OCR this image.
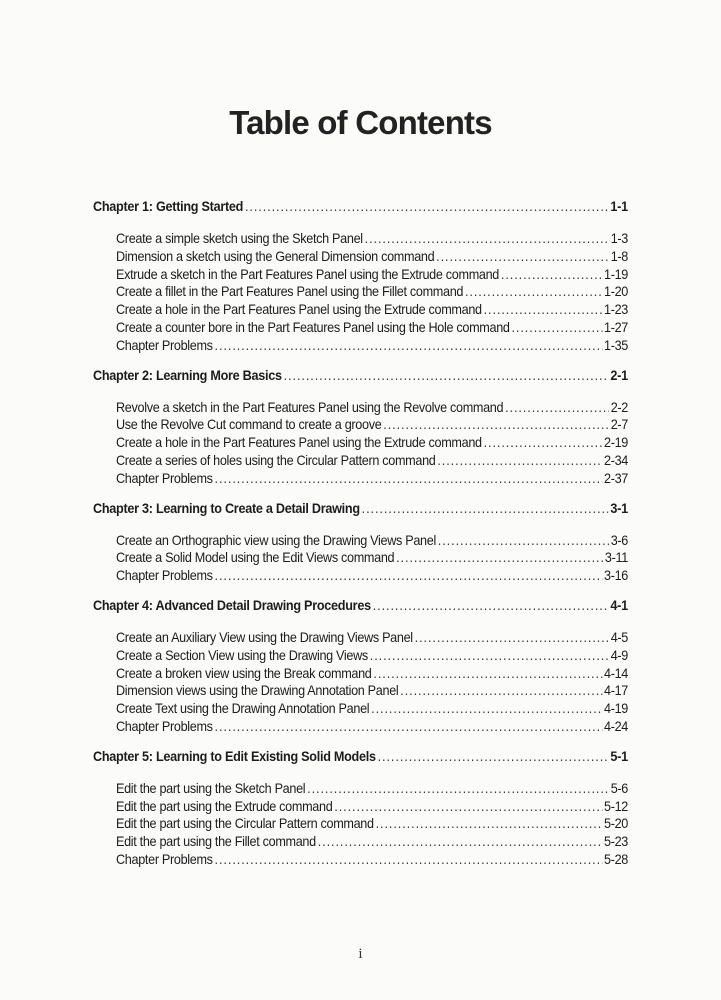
Table of Contents
Chapter 1: Getting Started .....	1-1
Create a simple sketch using the Sketch Panel .....	1-3
Dimension a sketch using the General Dimension command .....	1-8
Extrude a sketch in the Part Features Panel using the Extrude command .....	1-19
Create a fillet in the Part Features Panel using the Fillet command .....	1-20
Create a hole in the Part Features Panel using the Extrude command .....	1-23
Create a counter bore in the Part Features Panel using the Hole command .....	1-27
Chapter Problems .....	1-35
Chapter 2: Learning More Basics .....	2-1
Revolve a sketch in the Part Features Panel using the Revolve command .....	2-2
Use the Revolve Cut command to create a groove .....	2-7
Create a hole in the Part Features Panel using the Extrude command .....	2-19
Create a series of holes using the Circular Pattern command .....	2-34
Chapter Problems .....	2-37
Chapter 3: Learning to Create a Detail Drawing .....	3-1
Create an Orthographic view using the Drawing Views Panel .....	3-6
Create a Solid Model using the Edit Views command .....	3-11
Chapter Problems .....	3-16
Chapter 4: Advanced Detail Drawing Procedures .....	4-1
Create an Auxiliary View using the Drawing Views Panel .....	4-5
Create a Section View using the Drawing Views .....	4-9
Create a broken view using the Break command .....	4-14
Dimension views using the Drawing Annotation Panel .....	4-17
Create Text using the Drawing Annotation Panel .....	4-19
Chapter Problems .....	4-24
Chapter 5: Learning to Edit Existing Solid Models .....	5-1
Edit the part using the Sketch Panel .....	5-6
Edit the part using the Extrude command .....	5-12
Edit the part using the Circular Pattern command .....	5-20
Edit the part using the Fillet command .....	5-23
Chapter Problems .....	5-28
i
